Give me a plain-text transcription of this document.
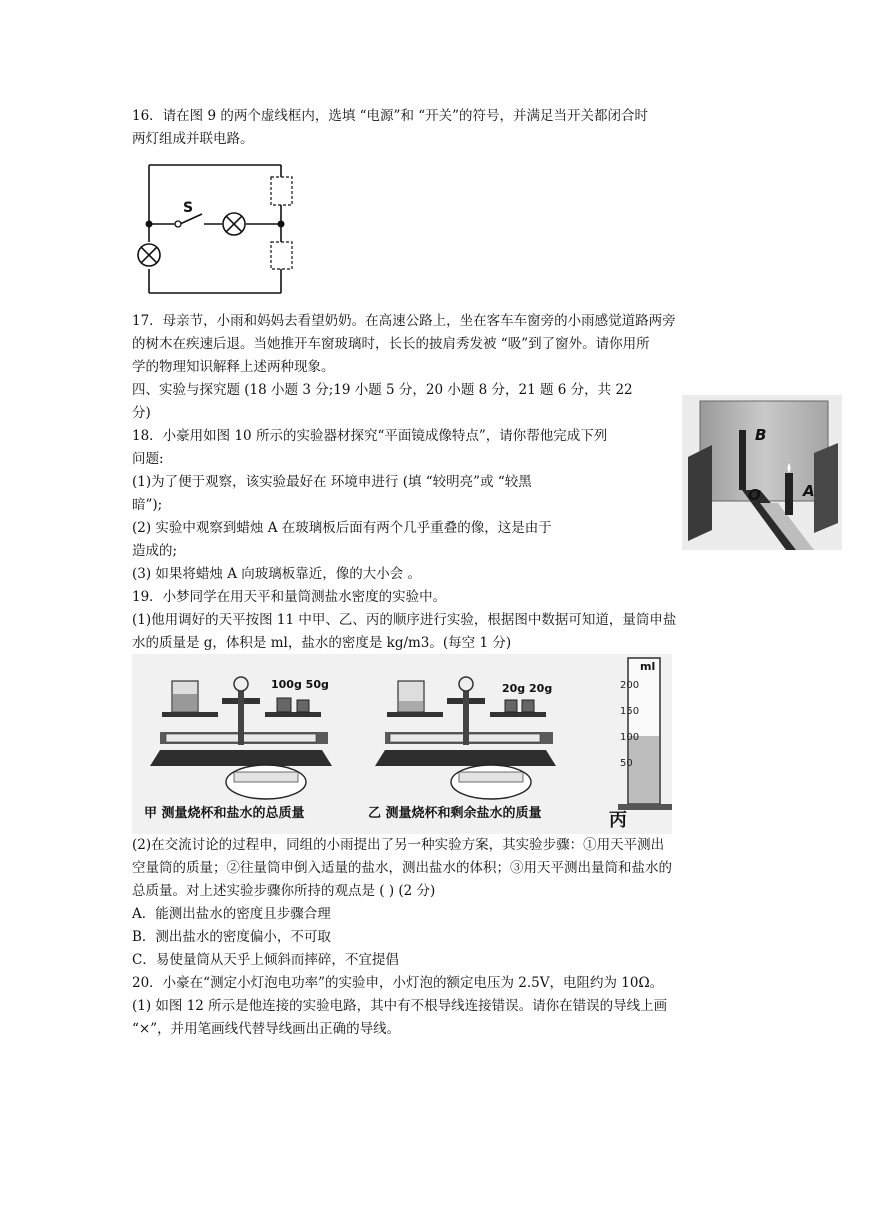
16．请在图 9 的两个虚线框内，选填 “电源”和 “开关”的符号，并满足当开关都闭合时
两灯组成并联电路。
S
17．母亲节，小雨和妈妈去看望奶奶。在高速公路上，坐在客车车窗旁的小雨感觉道路两旁
的树木在疾速后退。当她推开车窗玻璃时，长长的披肩秀发被 “吸”到了窗外。请你用所
学的物理知识解释上述两种现象。
四、实验与探究题 (18 小题 3 分;19 小题 5 分，20 小题 8 分，21 题 6 分，共 22
分)
18．小豪用如图 10 所示的实验器材探究“平面镜成像特点”，请你帮他完成下列
问题:
(1)为了便于观察，该实验最好在 环境申进行 (填 “较明亮”或 “较黑
暗”);
(2) 实验中观察到蜡烛 A 在玻璃板后面有两个几乎重叠的像，这是由于
造成的;
(3) 如果将蜡烛 A 向玻璃板靠近，像的大小会 。
B
O	A
19．小梦同学在用天平和量筒测盐水密度的实验中。
(1)他用调好的天平按图 11 中甲、乙、丙的顺序进行实验，根据图中数据可知道，量筒申盐
水的质量是 g，体积是 ml，盐水的密度是 kg/m3。(每空 1 分)
100g 50g	20g 20g
ml
200
150
100
50
甲 测量烧杯和盐水的总质量	乙 测量烧杯和剩余盐水的质量	丙
(2)在交流讨论的过程申，同组的小雨提出了另一种实验方案，其实验步骤：①用天平测出
空量筒的质量；②往量筒申倒入适量的盐水，测出盐水的体积；③用天平测出量筒和盐水的
总质量。对上述实验步骤你所持的观点是 ( ) (2 分)
A．能测出盐水的密度且步骤合理
B．测出盐水的密度偏小，不可取
C．易使量筒从天乎上倾斜而摔碎，不宜提倡
20．小豪在“测定小灯泡电功率”的实验申，小灯泡的额定电压为 2.5V，电阻约为 10Ω。
(1) 如图 12 所示是他连接的实验电路，其中有不根导线连接错误。请你在错误的导线上画
“×”，并用笔画线代替导线画出正确的导线。
